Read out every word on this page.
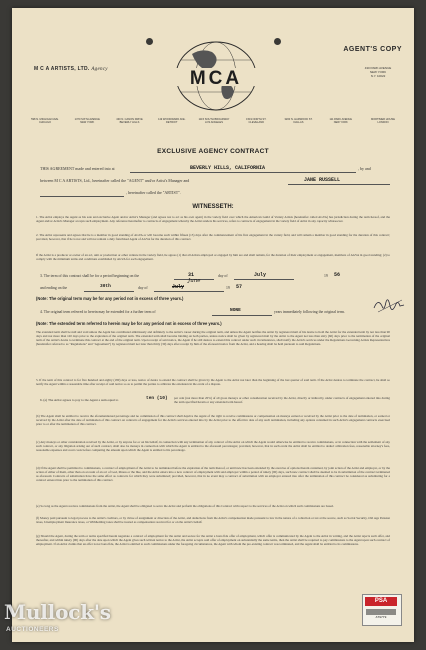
AGENT'S COPY
M C A ARTISTS, LTD. Agency	430 PARK AVENUE
NEW YORK
N.Y. 10022
MCA
598 N. MICHIGAN AVE.
CHICAGO
1370 SIXTH AVENUE
NEW YORK
430 N. CANON DRIVE
BEVERLY HILLS
119 WOODWARD AVE.
DETROIT
1115 SOUTH BROADWAY
LOS ANGELES
1519 NORTH ST.
CLEVELAND
3200 N. HARWOOD ST.
DALLAS
111 PARK AVENUE
NEW YORK
MORTIMER HOUSE
LONDON
EXCLUSIVE AGENCY CONTRACT
THIS AGREEMENT made and entered into at	BEVERLY HILLS, CALIFORNIA	, by and
between M C A ARTISTS, Ltd., hereinafter called the "AGENT" and/or Artist's Manager and	JANE RUSSELL
, hereinafter called the "ARTIST".
WITNESSETH:
1. The Artist employs the Agent as his sole and exclusive Agent and/or Artist's Manager (and agrees not to act as his own agent) in the variety field over which the American Guild of Variety Artists (hereinafter called AGVA) has jurisdiction during the term hereof, and the Agent and/or Artist's Manager accepts such employment. Any reference hereinafter to contracts of engagement whereby the Artist renders his services, refers to contracts of engagement in the variety field of Artist in any capacity whatsoever.
2. The Artist represents and agrees that he is a member in good standing of AGVA or will become such within fifteen (15) days after the commencement of his first engagement in the variety field, and will remain a member in good standing for the duration of this contract; provided, however, that if he is not and will not remain a duly franchised Agent of AGVA for the duration of this contract.
If the Artist is a producer or owner of an act, unit or production or other venture in the variety field, he agrees (1) that all Artists employed or engaged by him are and shall remain, for the duration of their employment or engagement, members of AGVA in good standing; (2) to comply with the minimum terms and conditions established by AGVA for each engagement.
3. The term of this contract shall be for a period beginning on the	31	day of	July	19 56
and ending on the	30th	day of	July
June
19 57
(Note: The original term may be for any period not in excess of three years.)
4. The original term referred to herein may be extended for a further term of	NONE	years immediately following the original term.
(Note: The extended term referred to herein may be for any period not in excess of three years.)
The extended term shall be null and void unless the Agent has contributed ambitiously and definitely to the Artist's career during the original term, and unless the Agent notifies the Artist by registered mail of his desire to hold the Artist for the extended term by not less than 90 days and not more than 120 days prior to the expiration of the original term. The extended term shall become binding on both parties, unless notice shall be given by registered mail by the Artist to the Agent not less than sixty (60) days prior to the termination of the original term of the Artist's desire to terminate this contract at the end of the original term. Upon receipt of said notice, the Agent if he still desires to extend this contract under such circumstances, shall notify the Artist's services under the Regulations Governing Artists Representatives (hereinafter referred to as "Regulations" and "Agreement") by registered mail not later than thirty (30) days after receipt by him of the aforesaid notice from the Artist, and a hearing shall be held pursuant to said Regulations.
5. If the term of this contract is for five hundred and eighty (180) days or less, notice of desire to extend the contract shall be given by the Agent to the Artist not later than the beginning of the last quarter of said term. If the Artist desires to terminate the contract, he shall so notify the Agent within a reasonable time after receipt of said notice so as to permit the parties to arbitrate the extension in the event of a dispute.
6. (a) The Artist agrees to pay to the Agent a sum equal to	ten (10) per cent (not more than 20%) of all gross moneys or other consideration received by the Artist, directly or indirectly, under contracts of engagement entered into during the term specified herein or any extended term hereof.
(b) The Agent shall be entitled to receive the aforementioned percentage and no commission of this contract shall deprive the Agent of the right to receive commissions or compensation on moneys earned or received by the Artist prior to the date of termination, or earned or received by the Artist after the date of termination of this contract on contracts of engagement for the Artist's services entered into by the Artist prior to the effective date of any such termination, including any options contained in such Artist's engagement contracts exercised prior to or after the termination of this contract.
(c) Any moneys or other consideration received by the Artist, or by anyone for or on his behalf, in connection with any termination of any contract of the Artist on which the Agent would otherwise be entitled to receive commissions, or in connection with the settlement of any such contract, or any litigation arising out of such contract, shall also be moneys in connection with which the Agent is entitled to the aforesaid percentages; provided, however, that in such event the Artist shall be entitled to deduct arbitration fees, reasonable attorney's fees, reasonable expenses and court costs before computing the amount upon which the Agent is entitled to his percentage.
(d) If the Agent shall be permitted to commissions, a contract of employment of the Artist to be terminated before the expiration of the term thereof, or until new has been extended by the exercise of options therein contained, by joint action of the Artist and employer, or by the action of either of them, other than on account of an act of God, illness or the like, and the Artist enters into a new contract of employment with said employer within a period of ninety (90) days, such new contract shall be deemed to be in substitution of the contract terminated as aforesaid. Contracts of substitution have the same effect as contracts for which they were substituted; provided, however, that in no event may a contract of substitution with an employer entered into after the termination of this contract be considered as substituting for a contract entered into prior to the termination of this contract.
(e) So long as the Agent receives commissions from the Artist, the Agent shall be obligated to serve the Artist and perform the obligations of this Contract with respect to the services of the Artist on which such commissions are based.
(f) Money paid pursuant to legal process to the Artist's creditors, or by virtue of assignment or direction of the Artist, and deductions from the Artist's compensation made pursuant to law in the nature of a collection or tax at the source, such as Social Security, Old Age Pension taxes, Unemployment Insurance taxes, or Withholding taxes shall be treated as compensation received for or on the Artist's behalf.
(g) Should the Agent, during the term or terms specified herein negotiate a contract of employment for the Artist and secure for the Artist a bona fide offer of employment, which offer is communicated by the Agent to the Artist in writing, and the Artist rejects such offer, and thereafter, and within ninety (90) days after the date upon which the Agent gives such written notice to the Artist, the Artist accepts said offer of employment on substantially the same terms, then the Artist shall be required to pay commissions to the Agent upon such contract of employment. If an Artist claims that an offer is not bona fide, the Artist is entitled to such commissions under the foregoing circumstances, the Agent with whom the pre-existing contract was terminated, and the Agent shall be entitled to its commissions.
PSA
AT9779
Mullock's
AUCTIONEERS
